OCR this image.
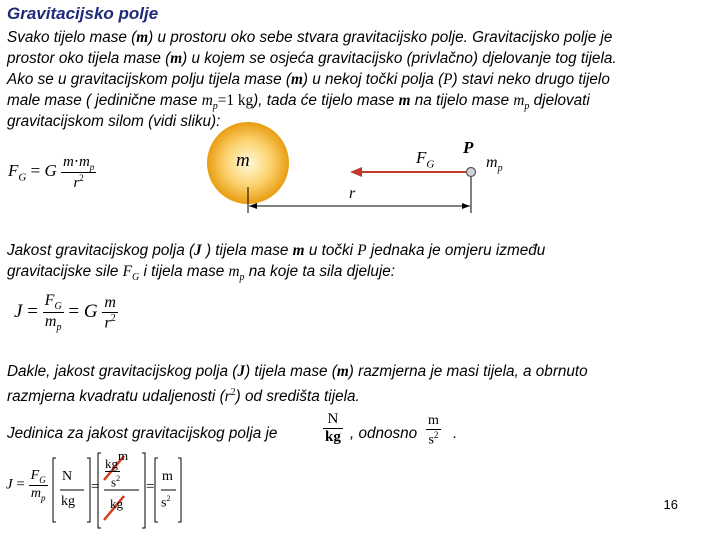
Gravitacijsko polje
Svako tijelo mase (m) u prostoru oko sebe stvara gravitacijsko polje. Gravitacijsko polje je
prostor oko tijela mase (m) u kojem se osjeća gravitacijsko (privlačno) djelovanje tog tijela.
Ako se u gravitacijskom polju tijela mase (m) u nekoj točki polja (P) stavi neko drugo tijelo
male mase ( jedinične mase $m_p=1$ kg), tada će tijelo mase m na tijelo mase $m_p$ djelovati
gravitacijskom silom (vidi sliku):
$F_G = G \frac{m\cdot m_p}{r^2}$	m	$F_G$
P
$m_p$
r
Jakost gravitacijskog polja (J ) tijela mase m u točki P jednaka je omjeru između
gravitacijske sile $F_G$ i tijela mase $m_p$ na koje ta sila djeluje:
$J = \frac{F_G}{m_p} = G \frac{m}{r^2}$
Dakle, jakost gravitacijskog polja (J) tijela mase (m) razmjerna je masi tijela, a obrnuto
razmjerna kvadratu udaljenosti $(r^2)$ od središta tijela.
Jedinica za jakost gravitacijskog polja je	$\frac{N}{kg}$ , odnosno $\frac{m}{s^2}$ .
$J = \frac{F_G}{m_p}$ N
kg
=
kgm
$s^2$
kg
=
m
$s^2$	16
